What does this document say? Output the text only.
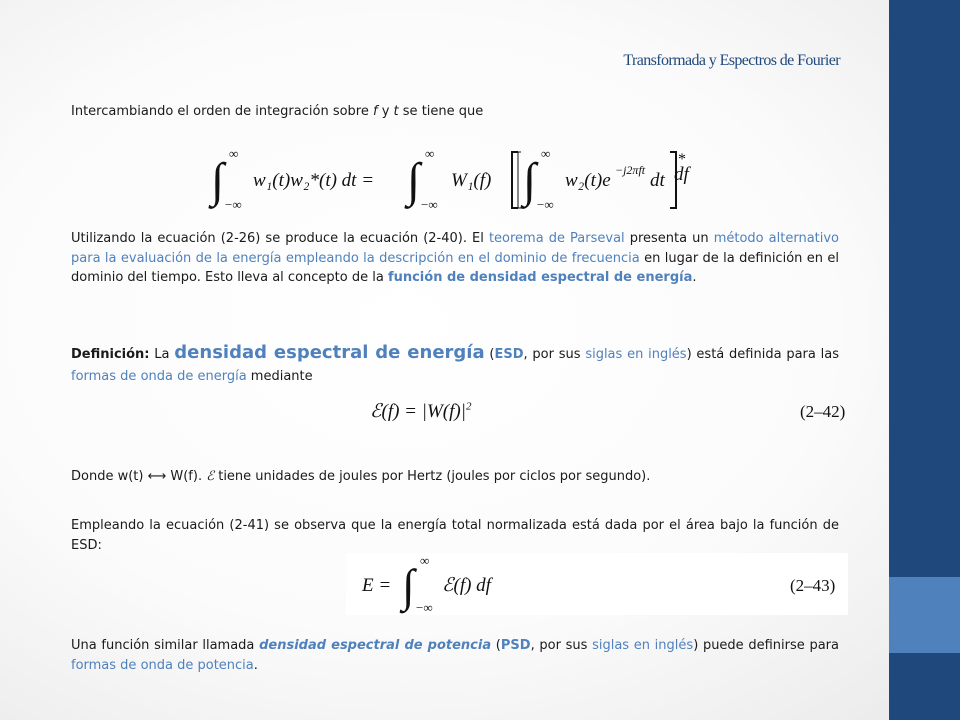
Transformada y Espectros de Fourier
Intercambiando el orden de integración sobre f y t se tiene que
∫
∞
−∞
w₁(t)w₂*(t) dt = ∫
∞
−∞
W₁(f) ∫
∞
−∞
w₂(t)e −j2πft dt
*
df
Utilizando la ecuación (2-26) se produce la ecuación (2-40). El teorema de Parseval presenta un método alternativo para la evaluación de la energía empleando la descripción en el dominio de frecuencia en lugar de la definición en el dominio del tiempo. Esto lleva al concepto de la función de densidad espectral de energía.
Definición: La densidad espectral de energía (ESD, por sus siglas en inglés) está definida para las formas de onda de energía mediante
ℰ(f) = $|W(f)|^2$	(2–42)
Donde w(t) ⟷ W(f). ℰ tiene unidades de joules por Hertz (joules por ciclos por segundo).
Empleando la ecuación (2-41) se observa que la energía total normalizada está dada por el área bajo la función de ESD:
E = ∫ ∞
−∞
ℰ(f) df	(2–43)
Una función similar llamada densidad espectral de potencia (PSD, por sus siglas en inglés) puede definirse para formas de onda de potencia.
